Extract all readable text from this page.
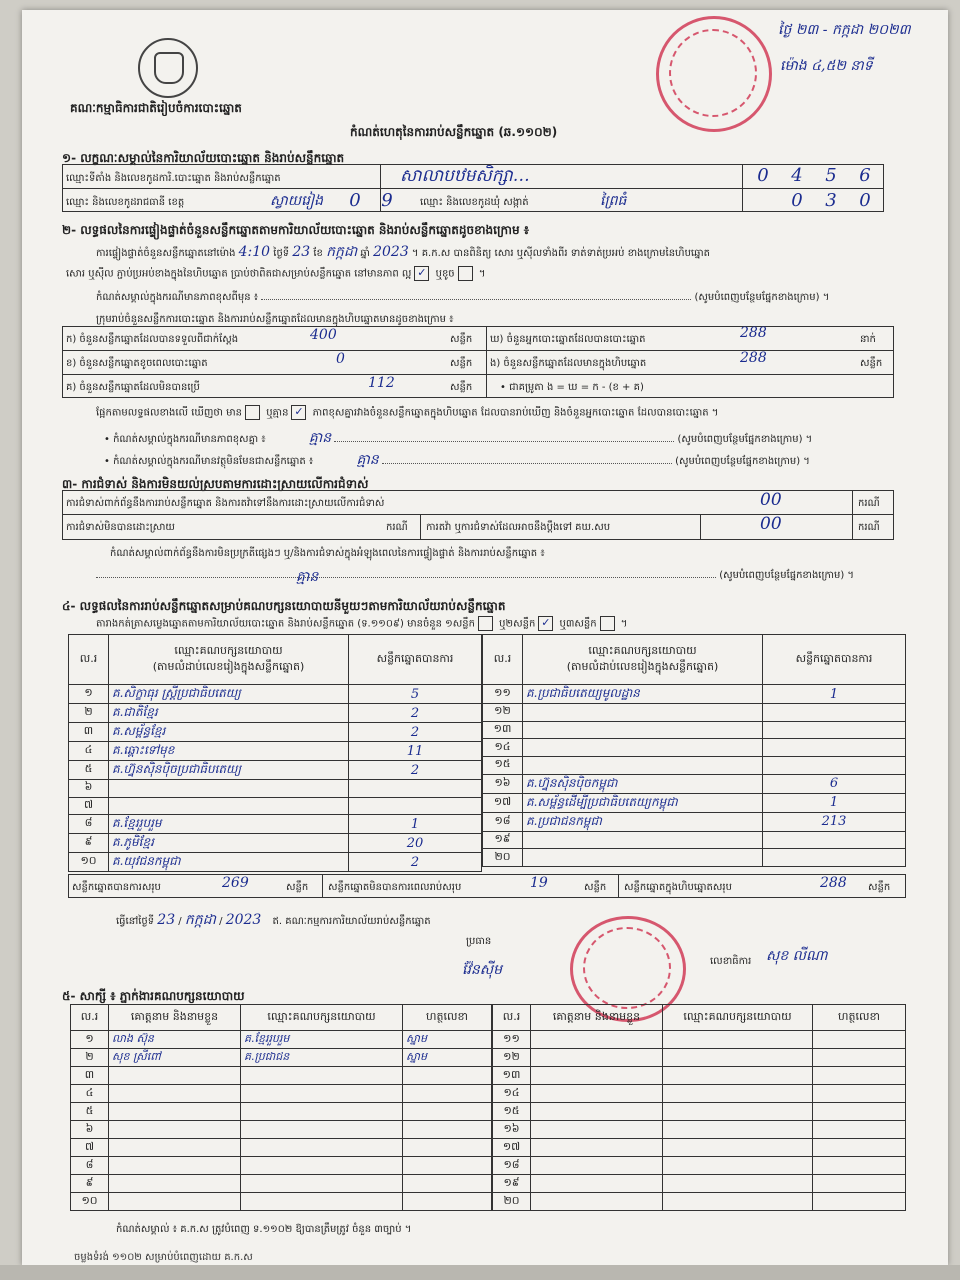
គណៈកម្មាធិការជាតិរៀបចំការបោះឆ្នោត
ថ្ងៃ ២៣ - កក្កដា ២០២៣
ម៉ោង ៤,៥២ នាទី
កំណត់ហេតុនៃការរាប់សន្លឹកឆ្នោត (ឆ.១១០២)
១- លក្ខណៈសម្គាល់នៃការិយាល័យបោះឆ្នោត និងរាប់សន្លឹកឆ្នោត
ឈ្មោះទីតាំង និងលេខកូដការិ.បោះឆ្នោត និងរាប់សន្លឹកឆ្នោត	សាលាបឋមសិក្សា…	0	4	5	6
ឈ្មោះ និងលេខកូដរាជធានី ខេត្ត	ស្វាយរៀង	0	9	ឈ្មោះ និងលេខកូដឃុំ សង្កាត់	ព្រៃធំ	0	3	0
២- លទ្ធផលនៃការផ្ទៀងផ្ទាត់ចំនួនសន្លឹកឆ្នោតតាមការិយាល័យបោះឆ្នោត និងរាប់សន្លឹកឆ្នោតដូចខាងក្រោម ៖
ការផ្ទៀងផ្ទាត់ចំនួនសន្លឹកឆ្នោតនៅម៉ោង 4:10 ថ្ងៃទី 23 ខែ កក្កដា ឆ្នាំ 2023 ។ គ.ក.ស បានពិនិត្យ សោរ ឬស៊ីលទាំងពីរ ទាត់ទាត់ប្រអប់ ខាងក្រោមនៃហិបឆ្នោត
សោរ ឬស៊ីល ភ្ជាប់ប្រអប់ខាងក្នុងនៃហិបឆ្នោត ប្រាប់ថាពិតជាសម្រាប់សន្លឹកឆ្នោត នៅមានភាព ល្អ ✓ ឬខូច ។
កំណត់សម្គាល់ក្នុងករណីមានភាពខុសពីមុន ៖	(សូមបំពេញបន្ថែមផ្នែកខាងក្រោម) ។
ក្រុមរាប់ចំនួនសន្លឹកការបោះឆ្នោត និងការរាប់សន្លឹកឆ្នោតដែលមានក្នុងហិបឆ្នោតមានដូចខាងក្រោម ៖
ក) ចំនួនសន្លឹកឆ្នោតដែលបានទទួលពីជាក់ស្តែង	400	សន្លឹក
ខ) ចំនួនសន្លឹកឆ្នោតខូចពេលបោះឆ្នោត	0	សន្លឹក
គ) ចំនួនសន្លឹកឆ្នោតដែលមិនបានប្រើ	112	សន្លឹក
ឃ) ចំនួនអ្នកបោះឆ្នោតដែលបានបោះឆ្នោត	288	នាក់
ង) ចំនួនសន្លឹកឆ្នោតដែលមានក្នុងហិបឆ្នោត	288	សន្លឹក
• ជាគម្រូតា ង = ឃ = ក - (ខ + គ)
ផ្អែកតាមលទ្ធផលខាងលើ ឃើញថា មាន ឬគ្មាន ✓ ភាពខុសគ្នារវាងចំនួនសន្លឹកឆ្នោតក្នុងហិបឆ្នោត ដែលបានរាប់ឃើញ និងចំនួនអ្នកបោះឆ្នោត ដែលបានបោះឆ្នោត ។
• កំណត់សម្គាល់ក្នុងករណីមានភាពខុសគ្នា ៖	គ្មាន	(សូមបំពេញបន្ថែមផ្នែកខាងក្រោម) ។
• កំណត់សម្គាល់ក្នុងករណីមានវត្ថុមិនមែនជាសន្លឹកឆ្នោត ៖	គ្មាន	(សូមបំពេញបន្ថែមផ្នែកខាងក្រោម) ។
៣- ការជំទាស់ និងការមិនយល់ស្របតាមការដោះស្រាយលើការជំទាស់
ការជំទាស់ពាក់ព័ន្ធនឹងការរាប់សន្លឹកឆ្នោត និងការតវ៉ាទៅនឹងការដោះស្រាយលើការជំទាស់	00	ករណី
ការជំទាស់មិនបានដោះស្រាយ	ករណី ការតវ៉ា ឬការជំទាស់ដែលអាចនឹងប្តឹងទៅ គឃ.សប	00	ករណី
កំណត់សម្គាល់ពាក់ព័ន្ធនឹងការមិនប្រក្រតីផ្សេងៗ ឬ/និងការជំទាស់ក្នុងអំឡុងពេលនៃការផ្ទៀងផ្ទាត់ និងការរាប់សន្លឹកឆ្នោត ៖
គ្មាន	(សូមបំពេញបន្ថែមផ្នែកខាងក្រោម) ។
៤- លទ្ធផលនៃការរាប់សន្លឹកឆ្នោតសម្រាប់គណបក្សនយោបាយនីមួយៗតាមការិយាល័យរាប់សន្លឹកឆ្នោត
តារាងកត់ត្រាសម្លេងឆ្នោតតាមការិយាល័យបោះឆ្នោត និងរាប់សន្លឹកឆ្នោត (ទ.១១០៩) មានចំនួន ១សន្លឹក ឬ២សន្លឹក ✓ ឬ៣សន្លឹក ។
ល.រ	ឈ្មោះគណបក្សនយោបាយ
(តាមលំដាប់លេខរៀងក្នុងសន្លឹកឆ្នោត)	សន្លឹកឆ្នោតបានការ
១	គ.សិក្ខាធុរ ស្ត្រីប្រជាធិបតេយ្យ	5
២	គ.ជាតិខ្មែរ	2
៣	គ.សម្ព័ន្ធខ្មែរ	2
៤	គ.ឆ្ពោះទៅមុខ	11
៥	គ.ហ្វ៊ុនស៊ិនប៉ិចប្រជាធិបតេយ្យ	2
៦		
៧		
៨	គ.ខ្មែររួបរួម	1
៩	គ.ភូមិខ្មែរ	20
១០	គ.យុវជនកម្ពុជា	2
ល.រ	ឈ្មោះគណបក្សនយោបាយ
(តាមលំដាប់លេខរៀងក្នុងសន្លឹកឆ្នោត)	សន្លឹកឆ្នោតបានការ
១១	គ.ប្រជាធិបតេយ្យមូលដ្ឋាន	1
១២		
១៣		
១៤		
១៥		
១៦	គ.ហ្វ៊ុនស៊ិនប៉ិចកម្ពុជា	6
១៧	គ.សម្ព័ន្ធដើម្បីប្រជាធិបតេយ្យកម្ពុជា	1
១៨	គ.ប្រជាជនកម្ពុជា	213
១៩		
២០		
សន្លឹកឆ្នោតបានការសរុប	269	សន្លឹក សន្លឹកឆ្នោតមិនបានការពេលរាប់សរុប	19	សន្លឹក សន្លឹកឆ្នោតក្នុងហិបឆ្នោតសរុប	288 សន្លឹក
ធ្វើនៅថ្ងៃទី 23 / កក្កដា / 2023 ឥ. គណៈកម្មការការិយាល័យរាប់សន្លឹកឆ្នោត
ប្រធាន
វ៉ែនស៊ីម
លេខាធិការ សុខ លីណា
៥- សាក្សី ៖ ភ្នាក់ងារគណបក្សនយោបាយ
ល.រ	គោត្តនាម និងនាមខ្លួន	ឈ្មោះគណបក្សនយោបាយ	ហត្ថលេខា
១	លាង ស៊ុន	គ.ខ្មែររួបរួម	ស្នាម
២	សុខ ស្រីពៅ	គ.ប្រជាជន	ស្នាម
៣			
៤			
៥			
៦			
៧			
៨			
៩			
១០			
ល.រ	គោត្តនាម និងនាមខ្លួន	ឈ្មោះគណបក្សនយោបាយ	ហត្ថលេខា
១១			
១២			
១៣			
១៤			
១៥			
១៦			
១៧			
១៨			
១៩			
២០			
កំណត់សម្គាល់ ៖ គ.ក.ស ត្រូវបំពេញ ទ.១១០២ ឱ្យបានត្រឹមត្រូវ ចំនួន ៣ច្បាប់ ។
ចម្លងទំរង់ ១១០២ សម្រាប់បំពេញដោយ គ.ក.ស
